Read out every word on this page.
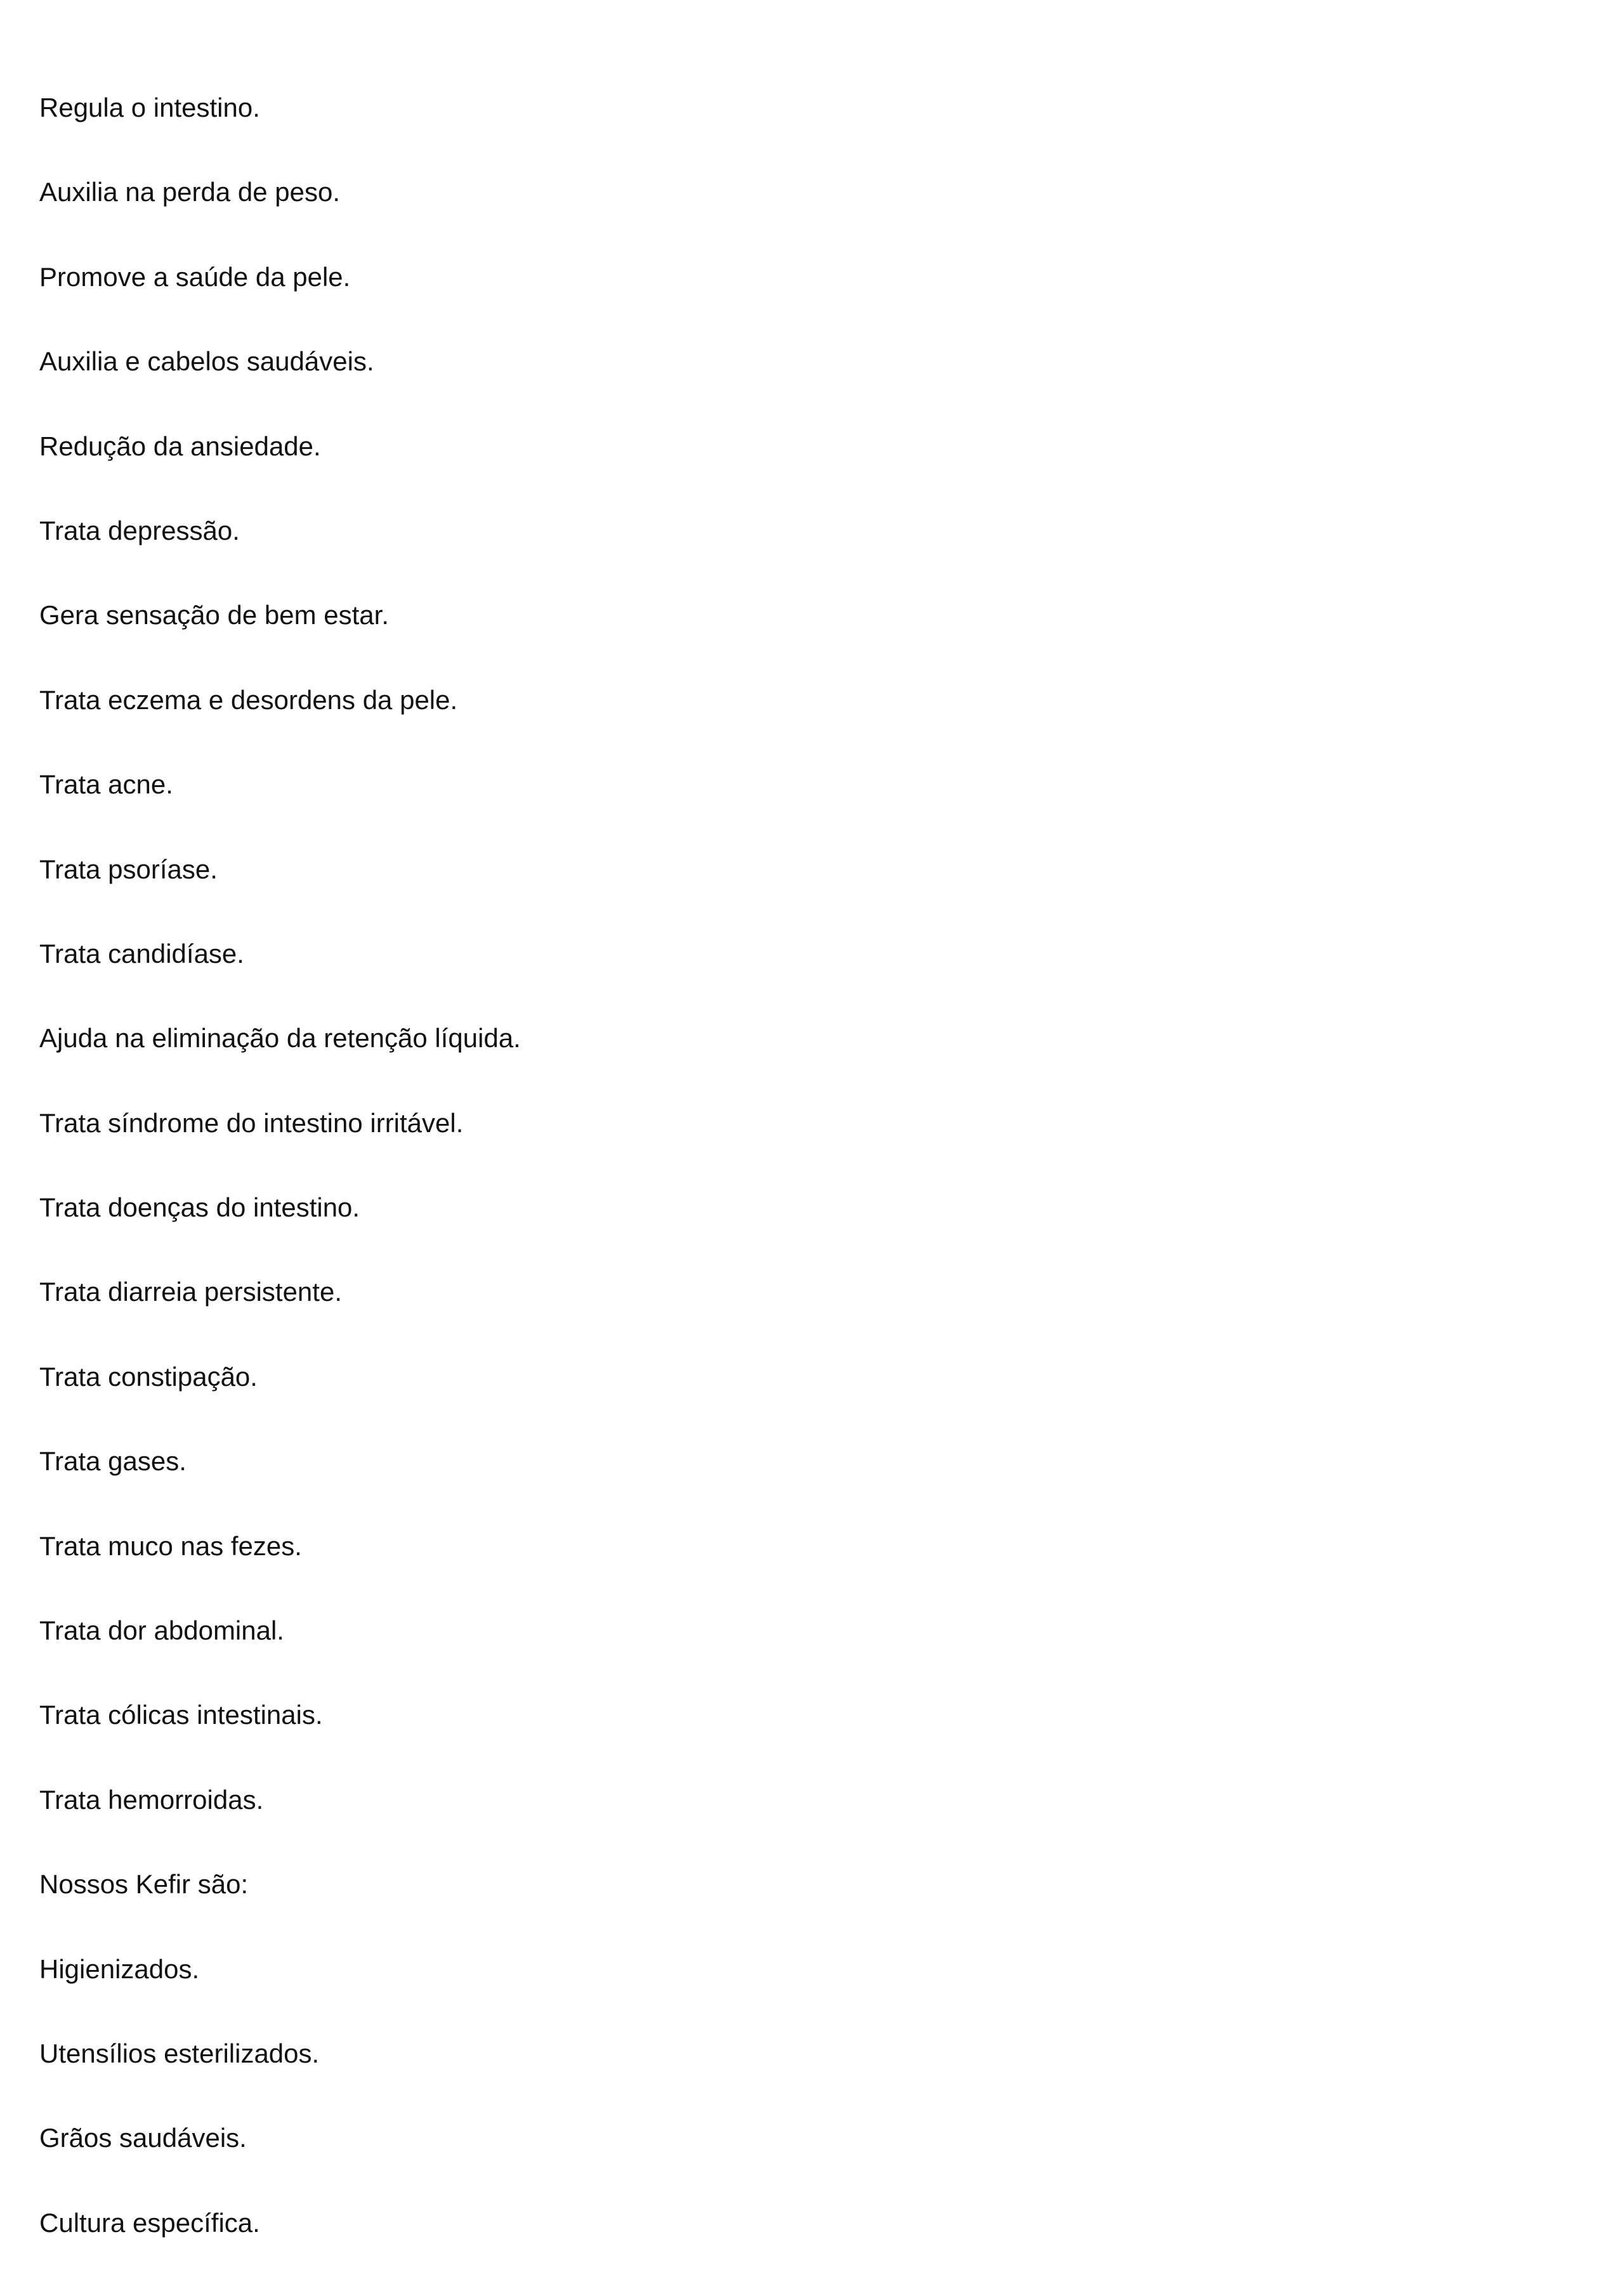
Regula o intestino.
Auxilia na perda de peso.
Promove a saúde da pele.
Auxilia e cabelos saudáveis.
Redução da ansiedade.
Trata depressão.
Gera sensação de bem estar.
Trata eczema e desordens da pele.
Trata acne.
Trata psoríase.
Trata candidíase.
Ajuda na eliminação da retenção líquida.
Trata síndrome do intestino irritável.
Trata doenças do intestino.
Trata diarreia persistente.
Trata constipação.
Trata gases.
Trata muco nas fezes.
Trata dor abdominal.
Trata cólicas intestinais.
Trata hemorroidas.
Nossos Kefir são:
Higienizados.
Utensílios esterilizados.
Grãos saudáveis.
Cultura específica.
